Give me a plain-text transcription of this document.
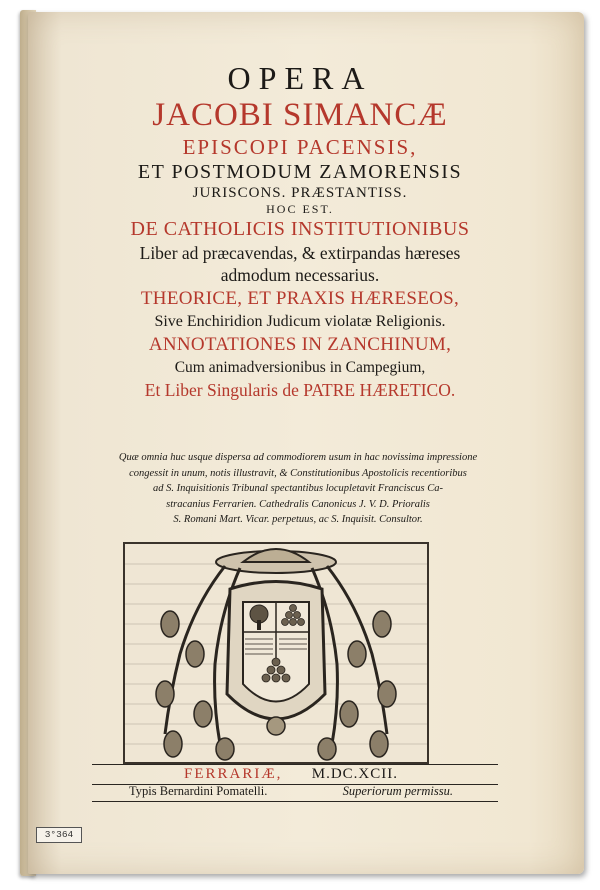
OPERA
JACOBI SIMANCÆ
EPISCOPI PACENSIS,
ET POSTMODUM ZAMORENSIS
JURISCONS. PRÆSTANTISS.
HOC EST.
DE CATHOLICIS INSTITUTIONIBUS
Liber ad præcavendas, & extirpandas hæreses
admodum necessarius.
THEORICE, ET PRAXIS HÆRESEOS,
Sive Enchiridion Judicum violatæ Religionis.
ANNOTATIONES IN ZANCHINUM,
Cum animadversionibus in Campegium,
Et Liber Singularis de PATRE HÆRETICO.
Quæ omnia huc usque dispersa ad commodiorem usum in hac novissima impressione
congessit in unum, notis illustravit, & Constitutionibus Apostolicis recentioribus
ad S. Inquisitionis Tribunal spectantibus locupletavit Franciscus Ca-
stracanius Ferrarien. Cathedralis Canonicus J. V. D. Prioralis
S. Romani Mart. Vicar. perpetuus, ac S. Inquisit. Consultor.
FERRARIÆ, M.DC.XCII.
Typis Bernardini Pomatelli.	Superiorum permissu.
3°364
